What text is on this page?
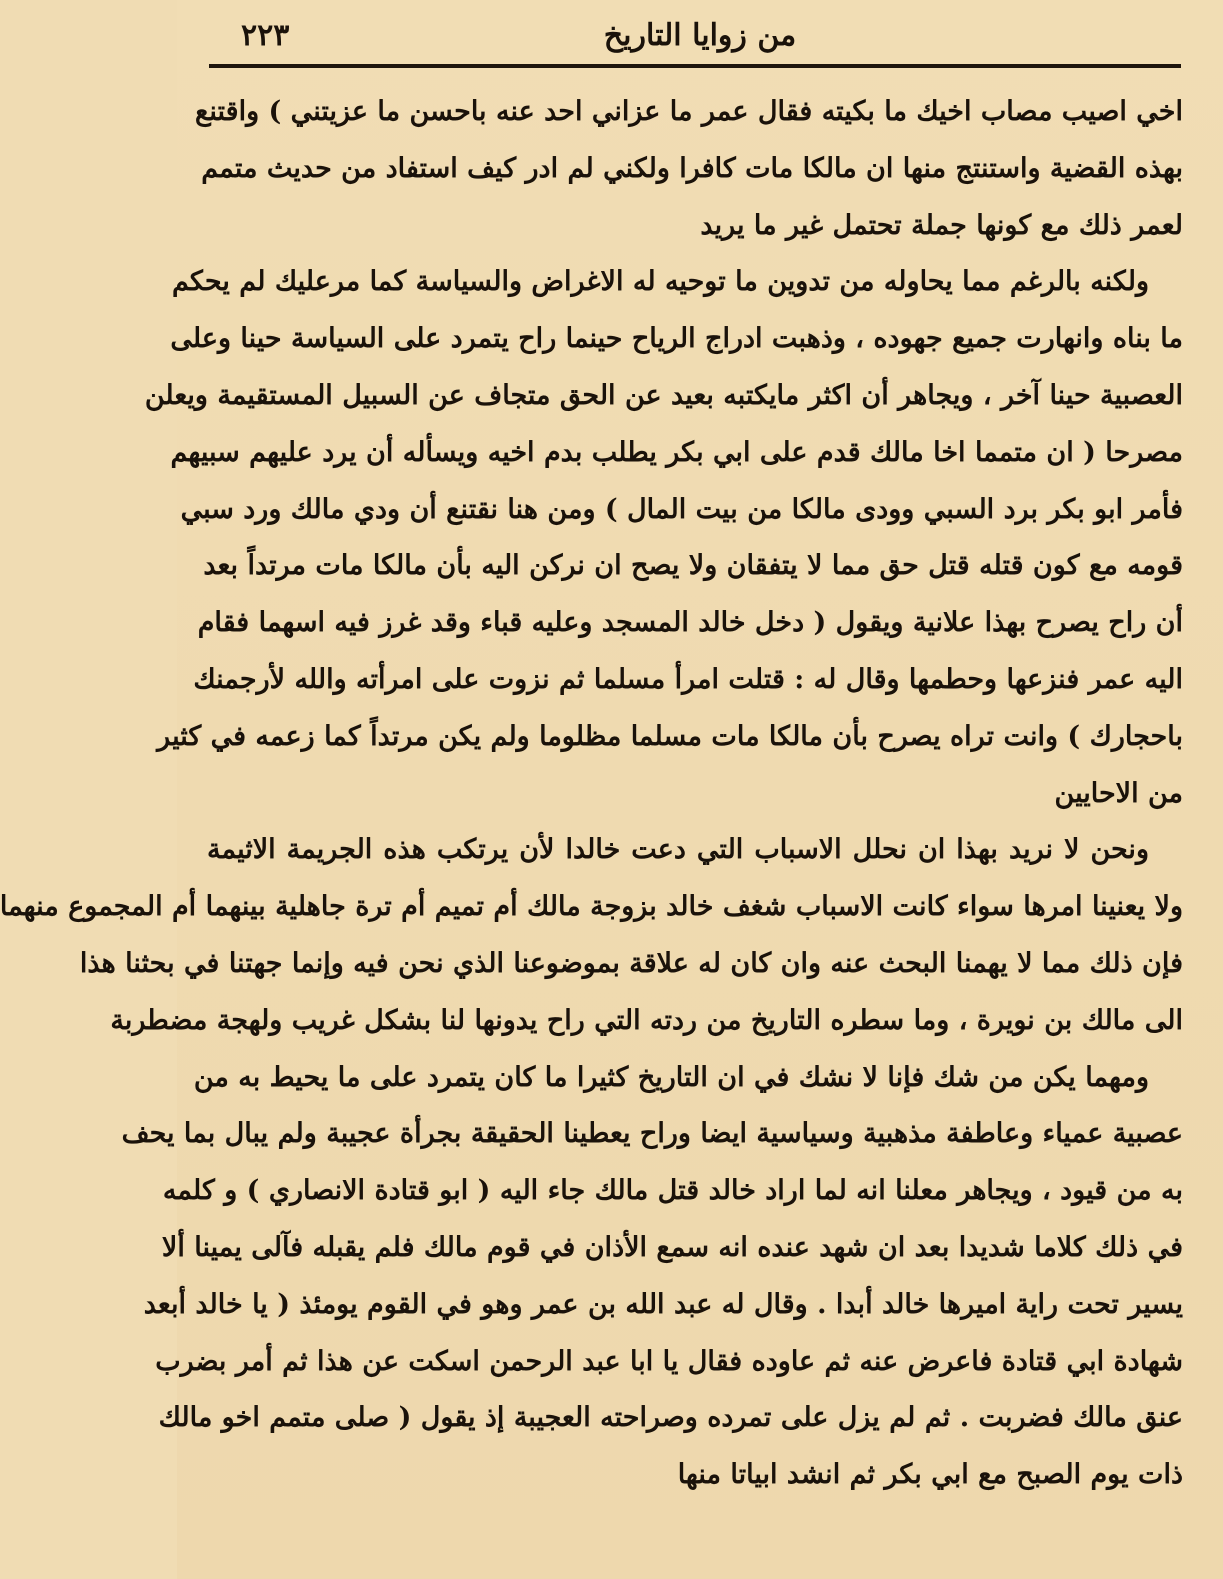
من زوايا التاريخ
٢٢٣
اخي اصيب مصاب اخيك ما بكيته فقال عمر ما عزاني احد عنه باحسن ما عزيتني ) واقتنع
بهذه القضية واستنتج منها ان مالكا مات كافرا ولكني لم ادر كيف استفاد من حديث متمم
لعمر ذلك مع كونها جملة تحتمل غير ما يريد
ولكنه بالرغم مما يحاوله من تدوين ما توحيه له الاغراض والسياسة كما مرعليك لم يحكم
ما بناه وانهارت جميع جهوده ، وذهبت ادراج الرياح حينما راح يتمرد على السياسة حينا وعلى
العصبية حينا آخر ، ويجاهر أن اكثر مايكتبه بعيد عن الحق متجاف عن السبيل المستقيمة ويعلن
مصرحا ( ان متمما اخا مالك قدم على ابي بكر يطلب بدم اخيه ويسأله أن يرد عليهم سبيهم
فأمر ابو بكر برد السبي وودى مالكا من بيت المال ) ومن هنا نقتنع أن ودي مالك ورد سبي
قومه مع كون قتله قتل حق مما لا يتفقان ولا يصح ان نركن اليه بأن مالكا مات مرتداً بعد
أن راح يصرح بهذا علانية ويقول ( دخل خالد المسجد وعليه قباء وقد غرز فيه اسهما فقام
اليه عمر فنزعها وحطمها وقال له : قتلت امرأ مسلما ثم نزوت على امرأته والله لأرجمنك
باحجارك ) وانت تراه يصرح بأن مالكا مات مسلما مظلوما ولم يكن مرتداً كما زعمه في كثير
من الاحايين
ونحن لا نريد بهذا ان نحلل الاسباب التي دعت خالدا لأن يرتكب هذه الجريمة الاثيمة
ولا يعنينا امرها سواء كانت الاسباب شغف خالد بزوجة مالك أم تميم أم ترة جاهلية بينهما أم المجموع منهما
فإن ذلك مما لا يهمنا البحث عنه وان كان له علاقة بموضوعنا الذي نحن فيه وإنما جهتنا في بحثنا هذا
الى مالك بن نويرة ، وما سطره التاريخ من ردته التي راح يدونها لنا بشكل غريب ولهجة مضطربة
ومهما يكن من شك فإنا لا نشك في ان التاريخ كثيرا ما كان يتمرد على ما يحيط به من
عصبية عمياء وعاطفة مذهبية وسياسية ايضا وراح يعطينا الحقيقة بجرأة عجيبة ولم يبال بما يحف
به من قيود ، ويجاهر معلنا انه لما اراد خالد قتل مالك جاء اليه ( ابو قتادة الانصاري ) و كلمه
في ذلك كلاما شديدا بعد ان شهد عنده انه سمع الأذان في قوم مالك فلم يقبله فآلى يمينا ألا
يسير تحت راية اميرها خالد أبدا . وقال له عبد الله بن عمر وهو في القوم يومئذ ( يا خالد أبعد
شهادة ابي قتادة فاعرض عنه ثم عاوده فقال يا ابا عبد الرحمن اسكت عن هذا ثم أمر بضرب
عنق مالك فضربت . ثم لم يزل على تمرده وصراحته العجيبة إذ يقول ( صلى متمم اخو مالك
ذات يوم الصبح مع ابي بكر ثم انشد ابياتا منها
